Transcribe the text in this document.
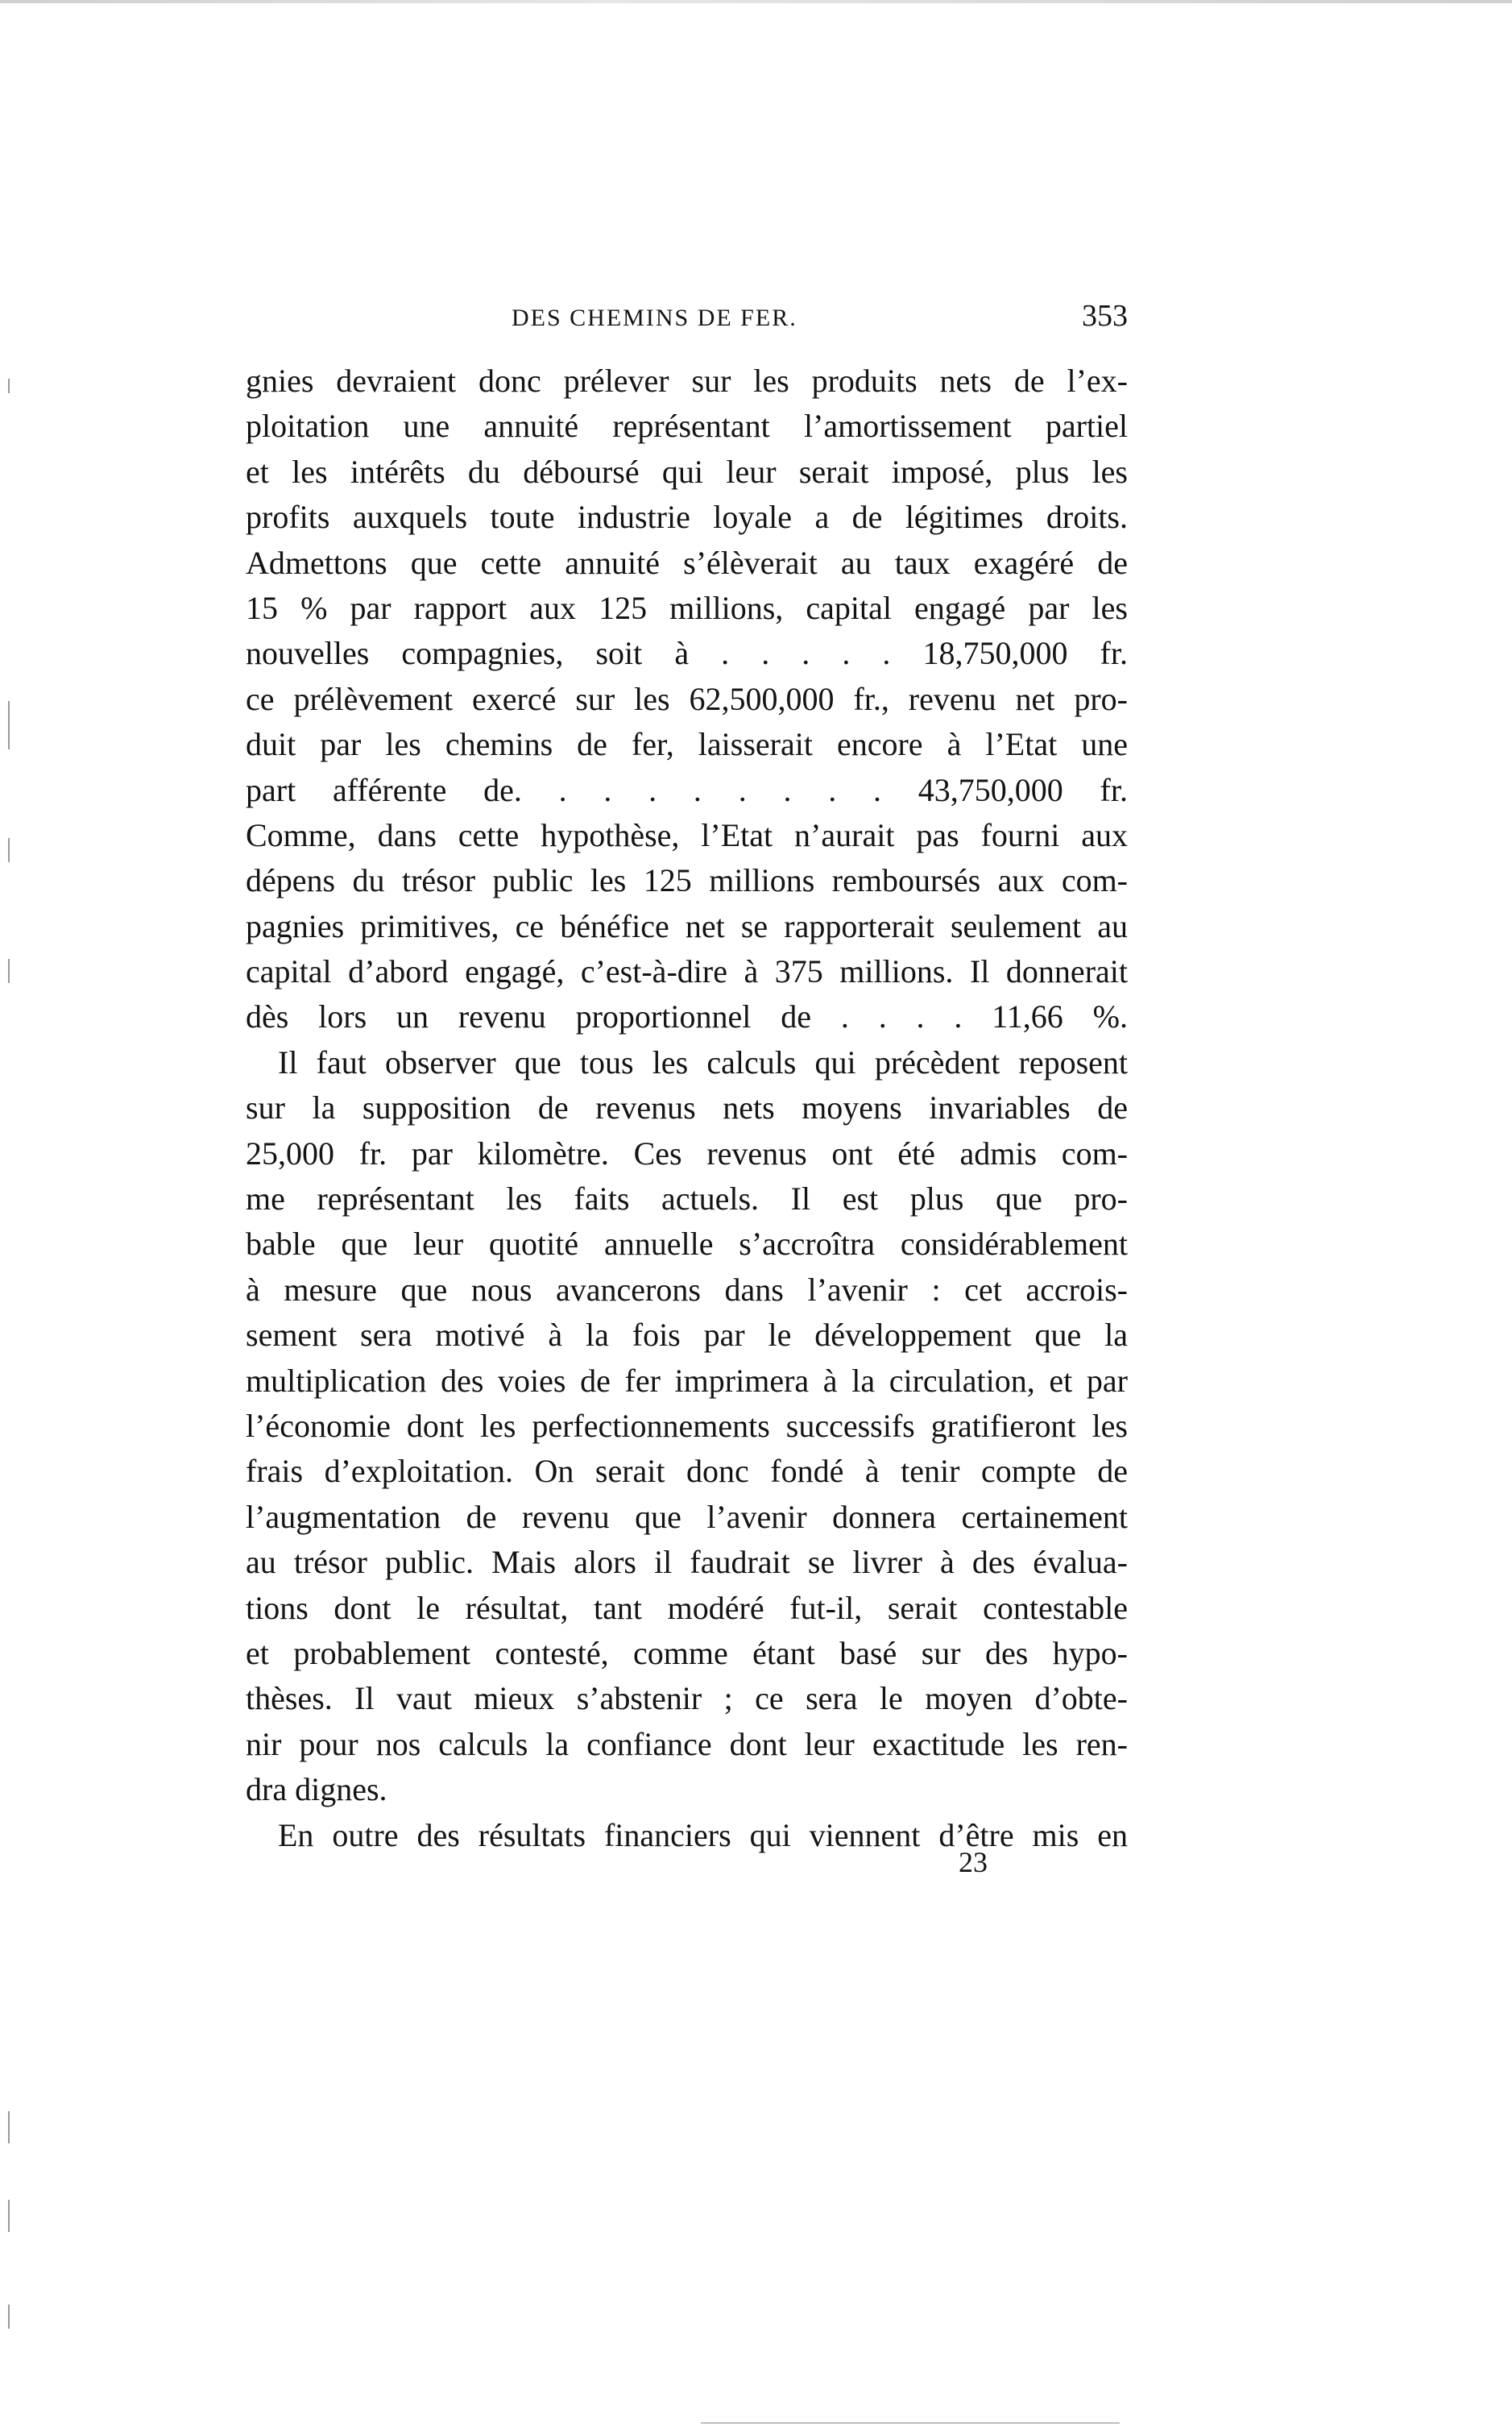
DES CHEMINS DE FER.	353
gnies devraient donc prélever sur les produits nets de l’ex-
ploitation une annuité représentant l’amortissement partiel
et les intérêts du déboursé qui leur serait imposé, plus les
profits auxquels toute industrie loyale a de légitimes droits.
Admettons que cette annuité s’élèverait au taux exagéré de
15 % par rapport aux 125 millions, capital engagé par les
nouvelles compagnies, soit à . . . . . 18,750,000 fr.
ce prélèvement exercé sur les 62,500,000 fr., revenu net pro-
duit par les chemins de fer, laisserait encore à l’Etat une
part afférente de. . . . . . . . . 43,750,000 fr.
Comme, dans cette hypothèse, l’Etat n’aurait pas fourni aux
dépens du trésor public les 125 millions remboursés aux com-
pagnies primitives, ce bénéfice net se rapporterait seulement au
capital d’abord engagé, c’est-à-dire à 375 millions. Il donnerait
dès lors un revenu proportionnel de . . . . 11,66 %.
Il faut observer que tous les calculs qui précèdent reposent
sur la supposition de revenus nets moyens invariables de
25,000 fr. par kilomètre. Ces revenus ont été admis com-
me représentant les faits actuels. Il est plus que pro-
bable que leur quotité annuelle s’accroîtra considérablement
à mesure que nous avancerons dans l’avenir : cet accrois-
sement sera motivé à la fois par le développement que la
multiplication des voies de fer imprimera à la circulation, et par
l’économie dont les perfectionnements successifs gratifieront les
frais d’exploitation. On serait donc fondé à tenir compte de
l’augmentation de revenu que l’avenir donnera certainement
au trésor public. Mais alors il faudrait se livrer à des évalua-
tions dont le résultat, tant modéré fut-il, serait contestable
et probablement contesté, comme étant basé sur des hypo-
thèses. Il vaut mieux s’abstenir ; ce sera le moyen d’obte-
nir pour nos calculs la confiance dont leur exactitude les ren-
dra dignes.
En outre des résultats financiers qui viennent d’être mis en
23
